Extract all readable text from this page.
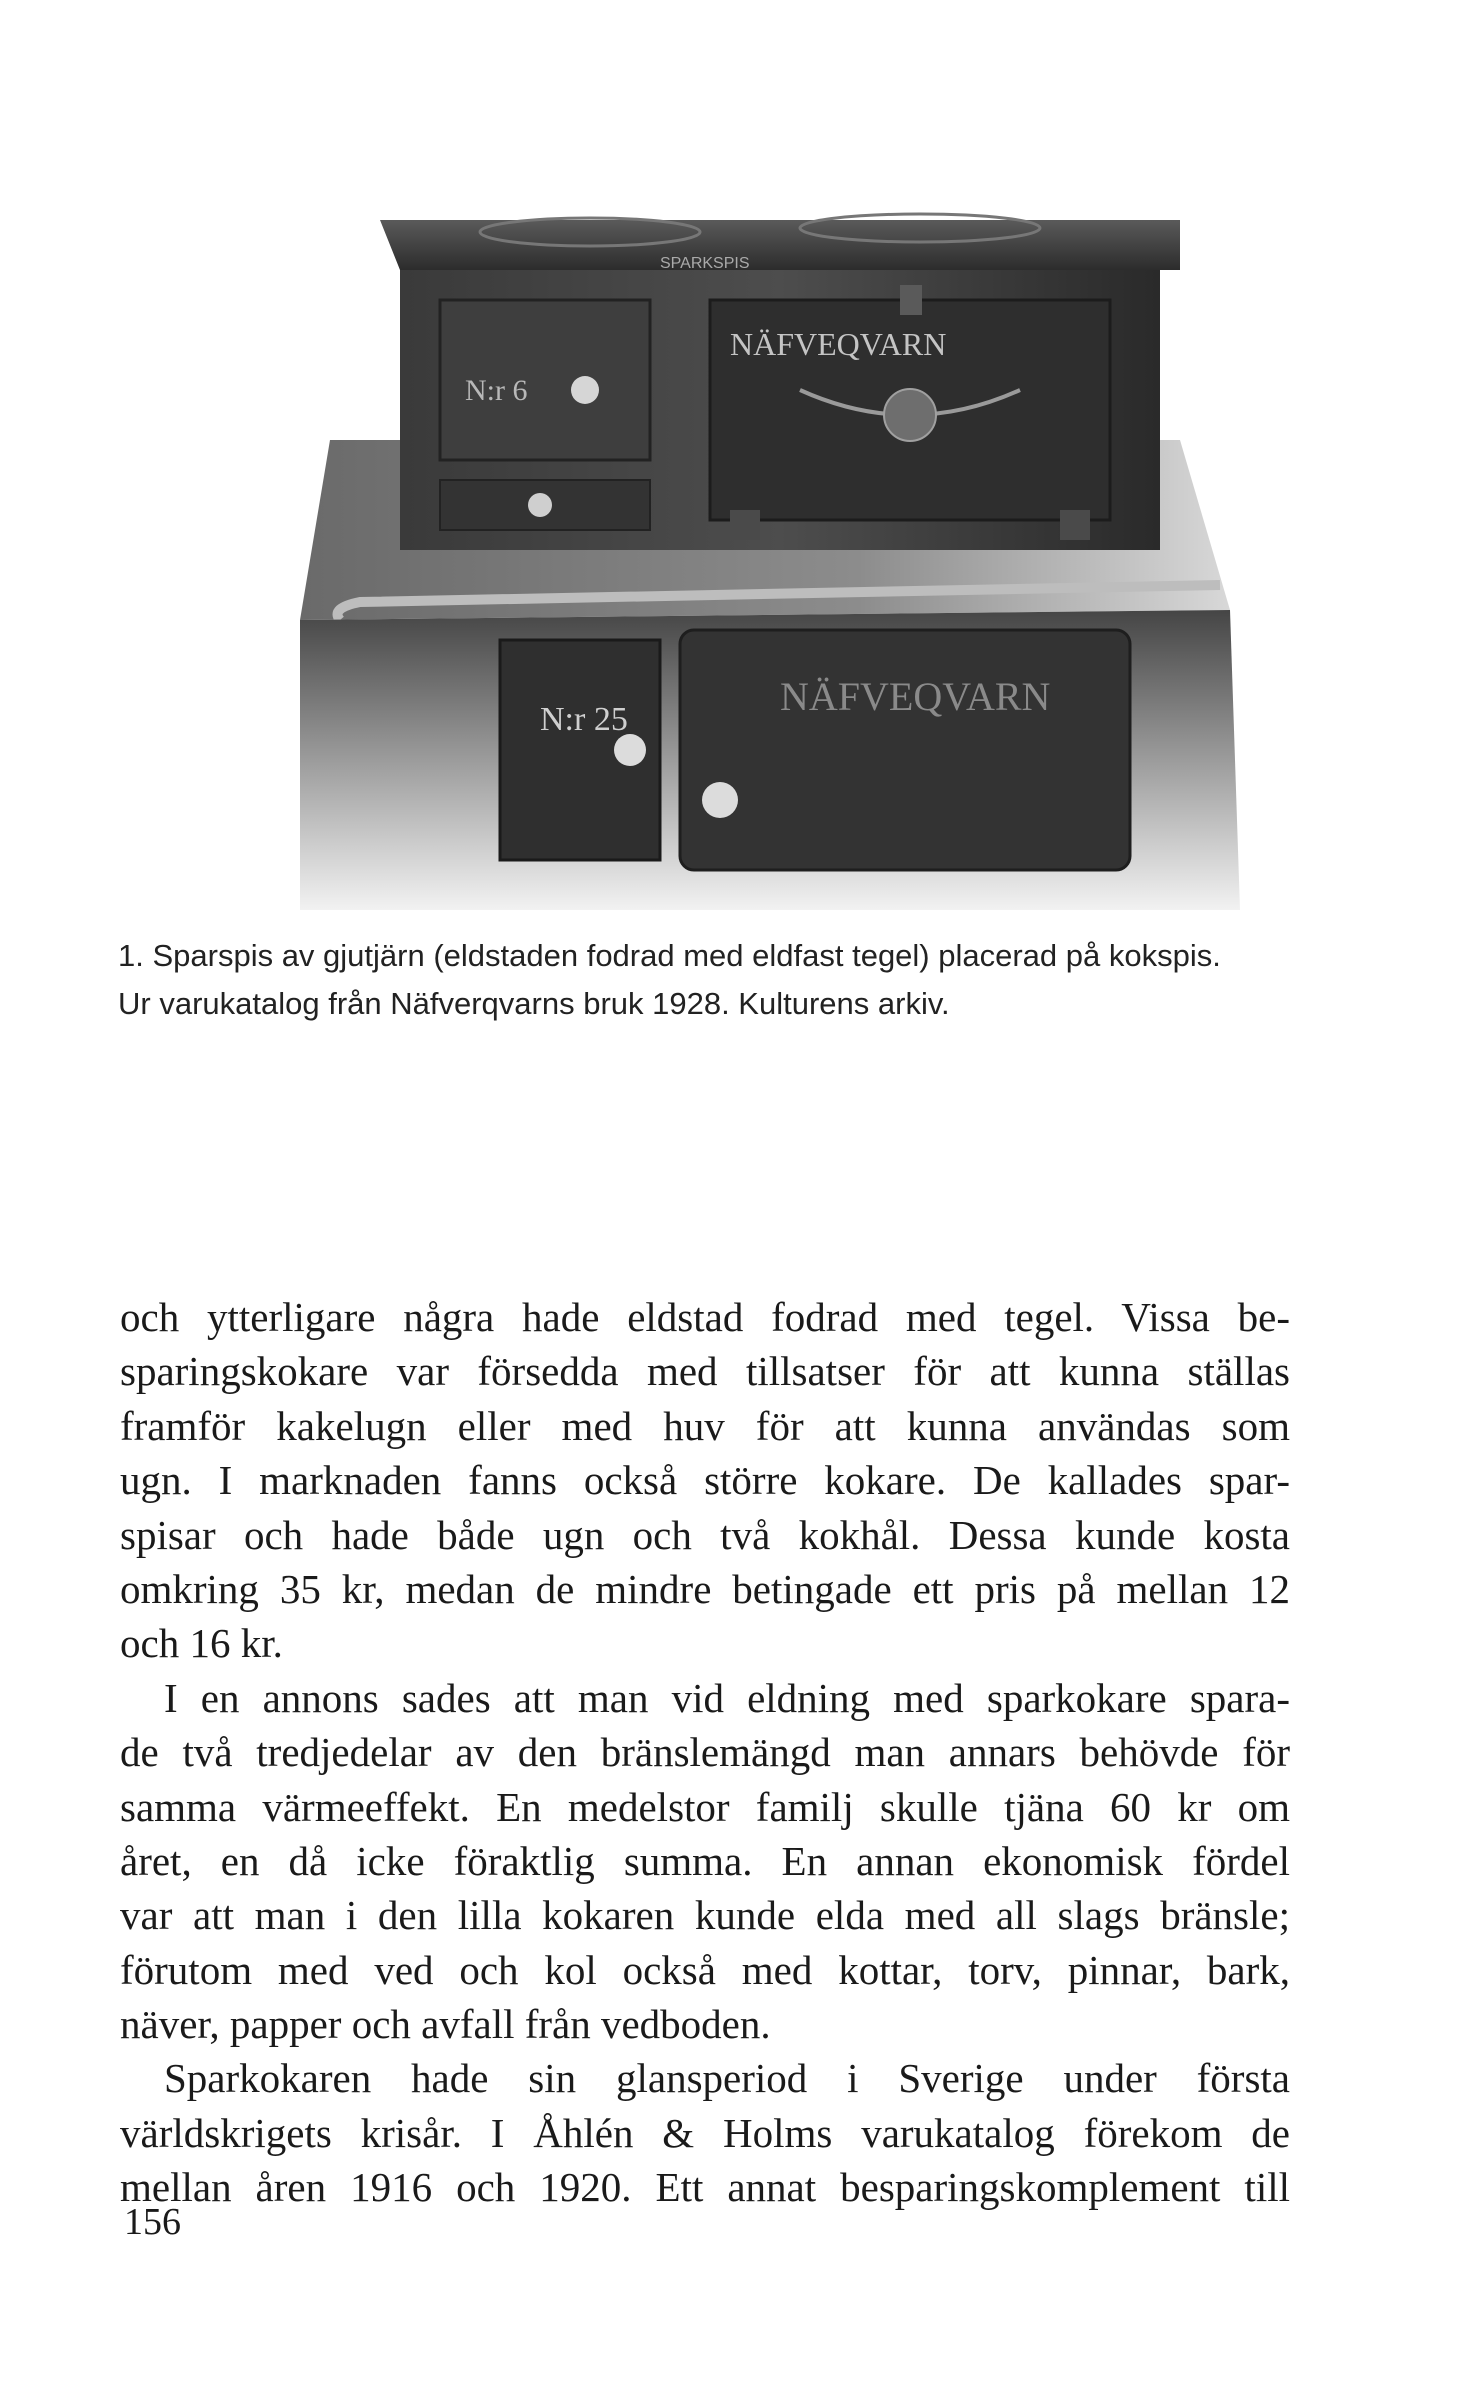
N:r 25
NÄFVEQVARN
SPARKSPIS
N:r 6
NÄFVEQVARN
1. Sparspis av gjutjärn (eldstaden fodrad med eldfast tegel) placerad på kokspis.
Ur varukatalog från Näfverqvarns bruk 1928. Kulturens arkiv.
och ytterligare några hade eldstad fodrad med tegel. Vissa be-
sparingskokare var försedda med tillsatser för att kunna ställas
framför kakelugn eller med huv för att kunna användas som
ugn. I marknaden fanns också större kokare. De kallades spar-
spisar och hade både ugn och två kokhål. Dessa kunde kosta
omkring 35 kr, medan de mindre betingade ett pris på mellan 12
och 16 kr.
I en annons sades att man vid eldning med sparkokare spara-
de två tredjedelar av den bränslemängd man annars behövde för
samma värmeeffekt. En medelstor familj skulle tjäna 60 kr om
året, en då icke föraktlig summa. En annan ekonomisk fördel
var att man i den lilla kokaren kunde elda med all slags bränsle;
förutom med ved och kol också med kottar, torv, pinnar, bark,
näver, papper och avfall från vedboden.
Sparkokaren hade sin glansperiod i Sverige under första
världskrigets krisår. I Åhlén & Holms varukatalog förekom de
mellan åren 1916 och 1920. Ett annat besparingskomplement till
156
